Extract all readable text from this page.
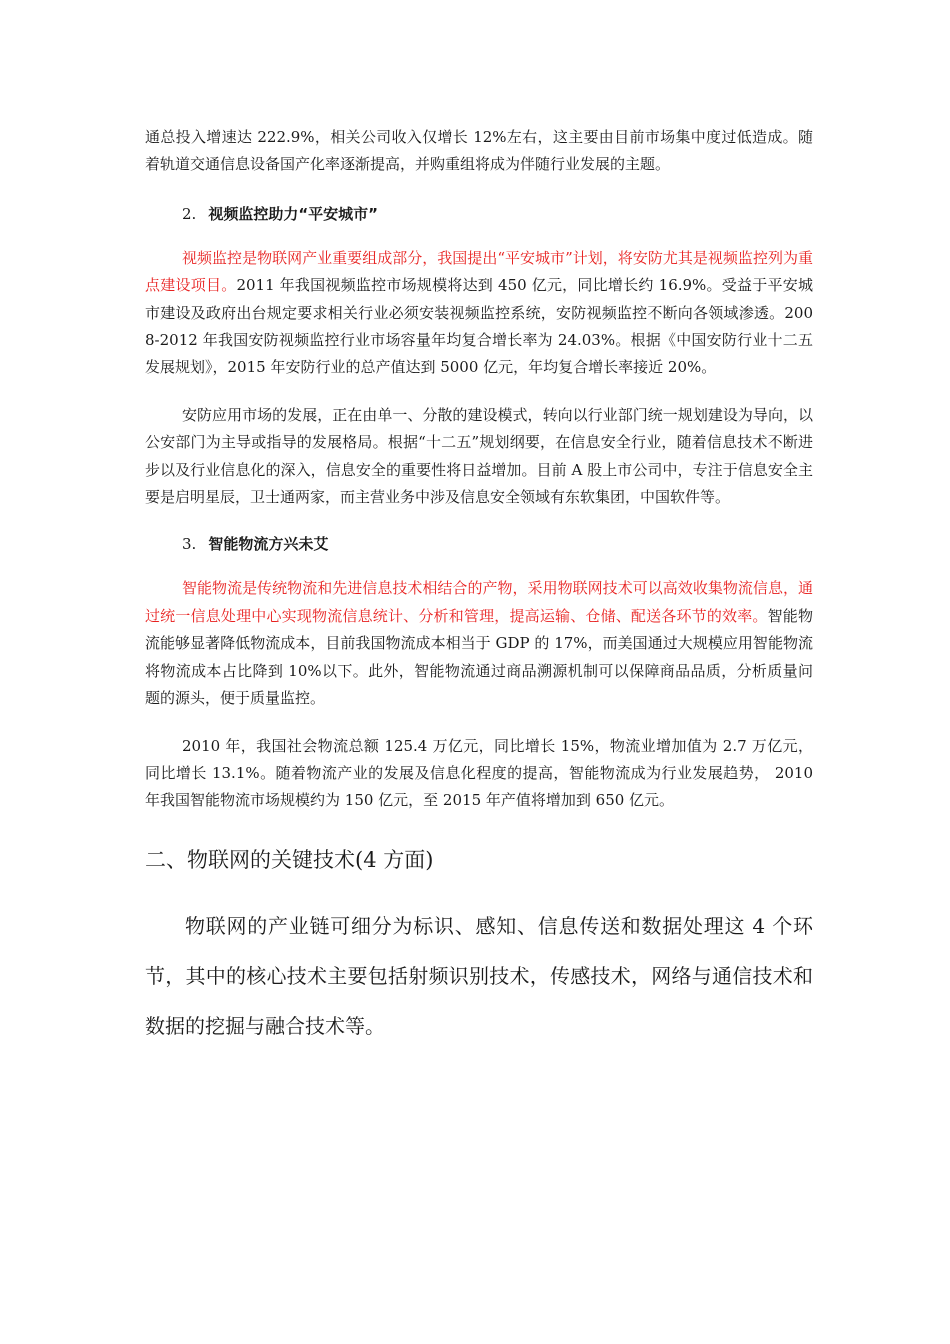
通总投入增速达 222.9%，相关公司收入仅增长 12%左右，这主要由目前市场集中度过低造成。随着轨道交通信息设备国产化率逐渐提高，并购重组将成为伴随行业发展的主题。

2. 视频监控助力“平安城市”

视频监控是物联网产业重要组成部分，我国提出“平安城市”计划，将安防尤其是视频监控列为重点建设项目。2011 年我国视频监控市场规模将达到 450 亿元，同比增长约 16.9%。受益于平安城市建设及政府出台规定要求相关行业必须安装视频监控系统，安防视频监控不断向各领域渗透。2008-2012 年我国安防视频监控行业市场容量年均复合增长率为 24.03%。根据《中国安防行业十二五发展规划》，2015 年安防行业的总产值达到 5000 亿元，年均复合增长率接近 20%。

安防应用市场的发展，正在由单一、分散的建设模式，转向以行业部门统一规划建设为导向，以公安部门为主导或指导的发展格局。根据“十二五”规划纲要，在信息安全行业，随着信息技术不断进步以及行业信息化的深入，信息安全的重要性将日益增加。目前 A 股上市公司中，专注于信息安全主要是启明星辰，卫士通两家，而主营业务中涉及信息安全领域有东软集团，中国软件等。

3. 智能物流方兴未艾

智能物流是传统物流和先进信息技术相结合的产物，采用物联网技术可以高效收集物流信息，通过统一信息处理中心实现物流信息统计、分析和管理，提高运输、仓储、配送各环节的效率。智能物流能够显著降低物流成本，目前我国物流成本相当于 GDP 的 17%，而美国通过大规模应用智能物流将物流成本占比降到 10%以下。此外，智能物流通过商品溯源机制可以保障商品品质，分析质量问题的源头，便于质量监控。

2010 年，我国社会物流总额 125.4 万亿元，同比增长 15%，物流业增加值为 2.7 万亿元，同比增长 13.1%。随着物流产业的发展及信息化程度的提高，智能物流成为行业发展趋势， 2010 年我国智能物流市场规模约为 150 亿元，至 2015 年产值将增加到 650 亿元。

二、物联网的关键技术(4 方面)

物联网的产业链可细分为标识、感知、信息传送和数据处理这 4 个环节，其中的核心技术主要包括射频识别技术，传感技术，网络与通信技术和数据的挖掘与融合技术等。
